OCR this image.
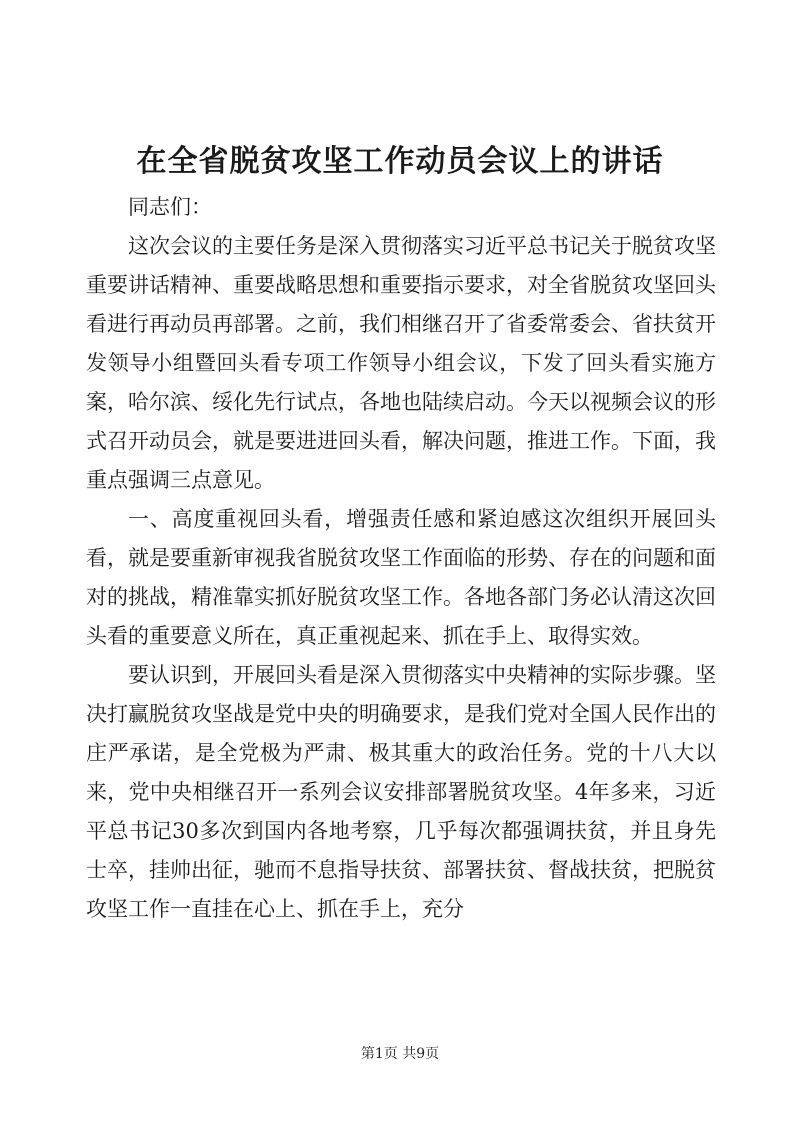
在全省脱贫攻坚工作动员会议上的讲话

同志们：

这次会议的主要任务是深入贯彻落实习近平总书记关于脱贫攻坚重要讲话精神、重要战略思想和重要指示要求，对全省脱贫攻坚回头看进行再动员再部署。之前，我们相继召开了省委常委会、省扶贫开发领导小组暨回头看专项工作领导小组会议，下发了回头看实施方案，哈尔滨、绥化先行试点，各地也陆续启动。今天以视频会议的形式召开动员会，就是要进进回头看，解决问题，推进工作。下面，我重点强调三点意见。

一、高度重视回头看，增强责任感和紧迫感这次组织开展回头看，就是要重新审视我省脱贫攻坚工作面临的形势、存在的问题和面对的挑战，精准靠实抓好脱贫攻坚工作。各地各部门务必认清这次回头看的重要意义所在，真正重视起来、抓在手上、取得实效。

要认识到，开展回头看是深入贯彻落实中央精神的实际步骤。坚决打赢脱贫攻坚战是党中央的明确要求，是我们党对全国人民作出的庄严承诺，是全党极为严肃、极其重大的政治任务。党的十八大以来，党中央相继召开一系列会议安排部署脱贫攻坚。4年多来，习近平总书记30多次到国内各地考察，几乎每次都强调扶贫，并且身先士卒，挂帅出征，驰而不息指导扶贫、部署扶贫、督战扶贫，把脱贫攻坚工作一直挂在心上、抓在手上，充分

第1页 共9页
